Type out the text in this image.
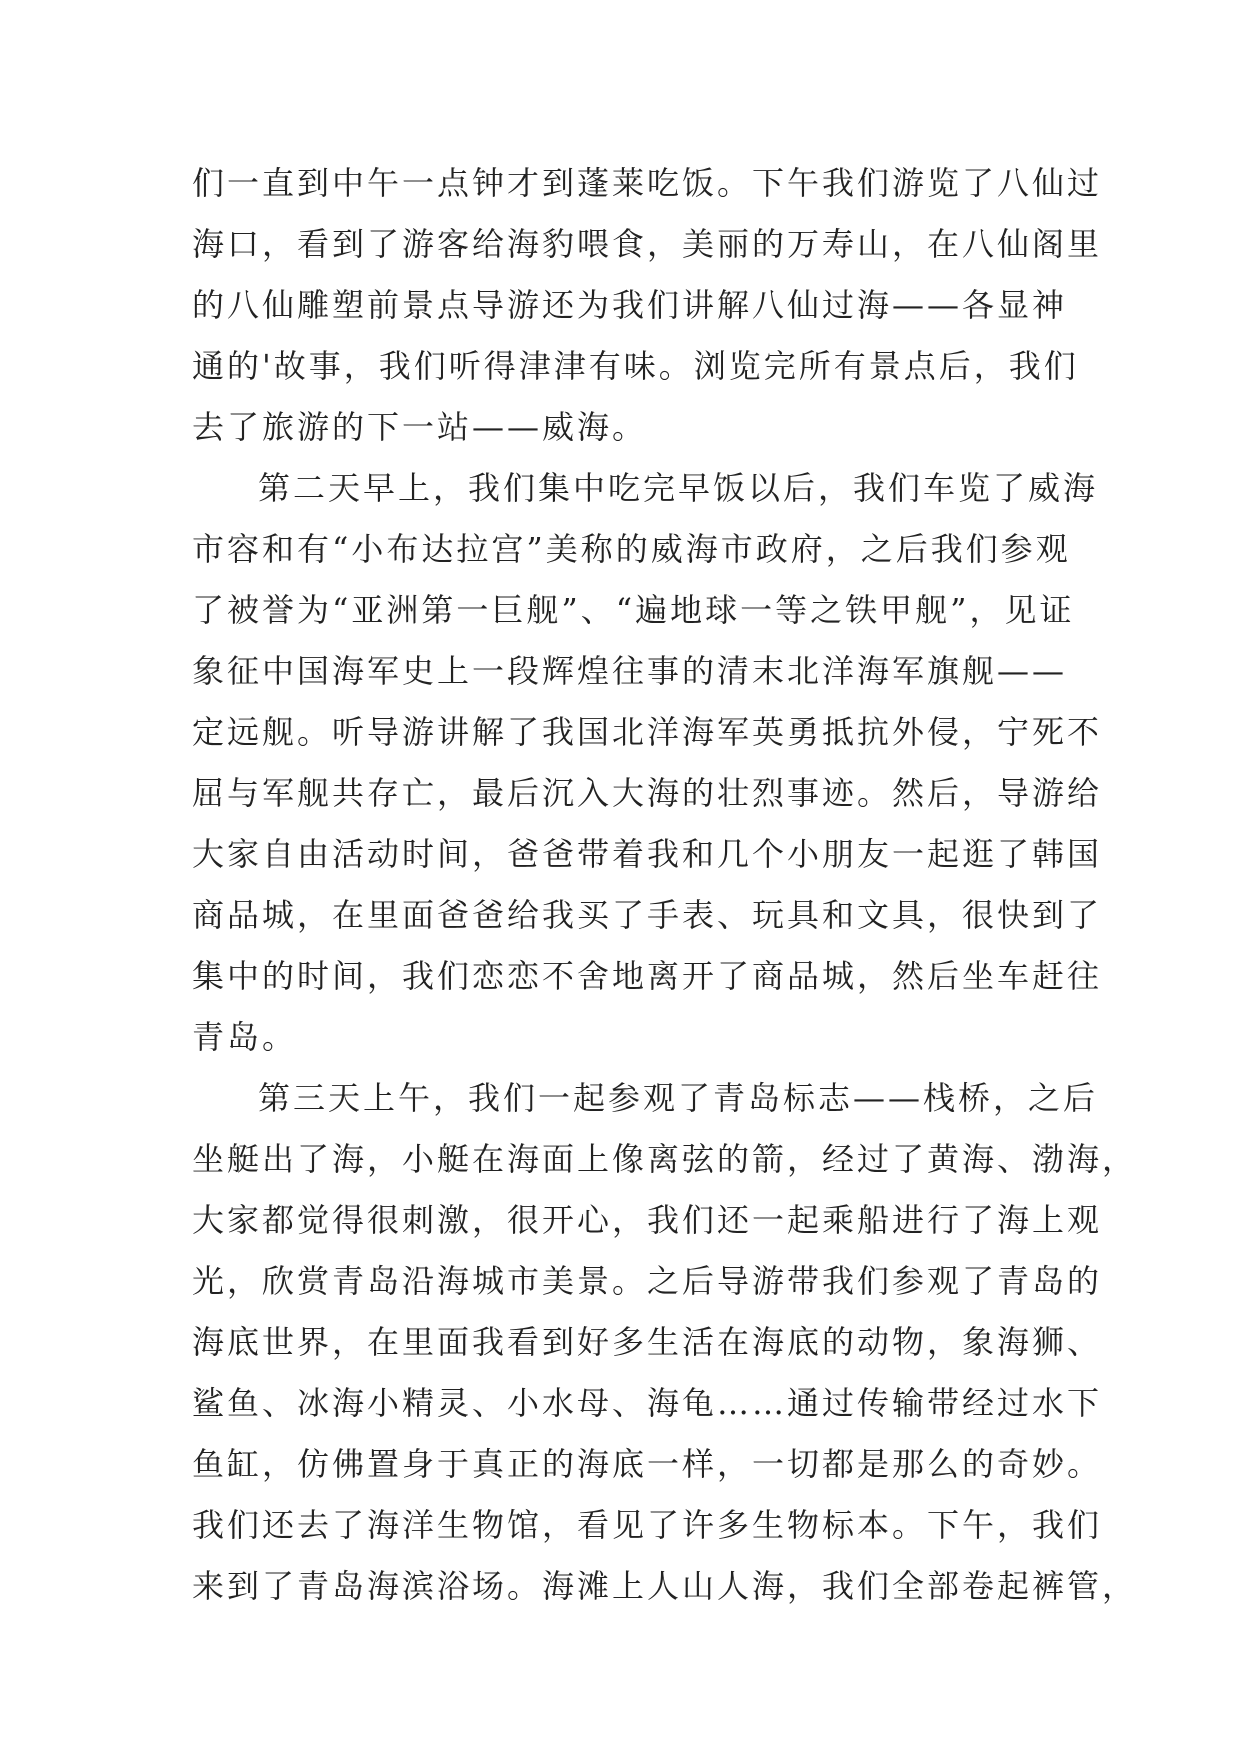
们一直到中午一点钟才到蓬莱吃饭。下午我们游览了八仙过
海口，看到了游客给海豹喂食，美丽的万寿山，在八仙阁里
的八仙雕塑前景点导游还为我们讲解八仙过海——各显神
通的'故事，我们听得津津有味。浏览完所有景点后，我们
去了旅游的下一站——威海。
第二天早上，我们集中吃完早饭以后，我们车览了威海
市容和有“小布达拉宫”美称的威海市政府，之后我们参观
了被誉为“亚洲第一巨舰”、“遍地球一等之铁甲舰”，见证
象征中国海军史上一段辉煌往事的清末北洋海军旗舰——
定远舰。听导游讲解了我国北洋海军英勇抵抗外侵，宁死不
屈与军舰共存亡，最后沉入大海的壮烈事迹。然后，导游给
大家自由活动时间，爸爸带着我和几个小朋友一起逛了韩国
商品城，在里面爸爸给我买了手表、玩具和文具，很快到了
集中的时间，我们恋恋不舍地离开了商品城，然后坐车赶往
青岛。
第三天上午，我们一起参观了青岛标志——栈桥，之后
坐艇出了海，小艇在海面上像离弦的箭，经过了黄海、渤海，
大家都觉得很刺激，很开心，我们还一起乘船进行了海上观
光，欣赏青岛沿海城市美景。之后导游带我们参观了青岛的
海底世界，在里面我看到好多生活在海底的动物，象海狮、
鲨鱼、冰海小精灵、小水母、海龟……通过传输带经过水下
鱼缸，仿佛置身于真正的海底一样，一切都是那么的奇妙。
我们还去了海洋生物馆，看见了许多生物标本。下午，我们
来到了青岛海滨浴场。海滩上人山人海，我们全部卷起裤管，
